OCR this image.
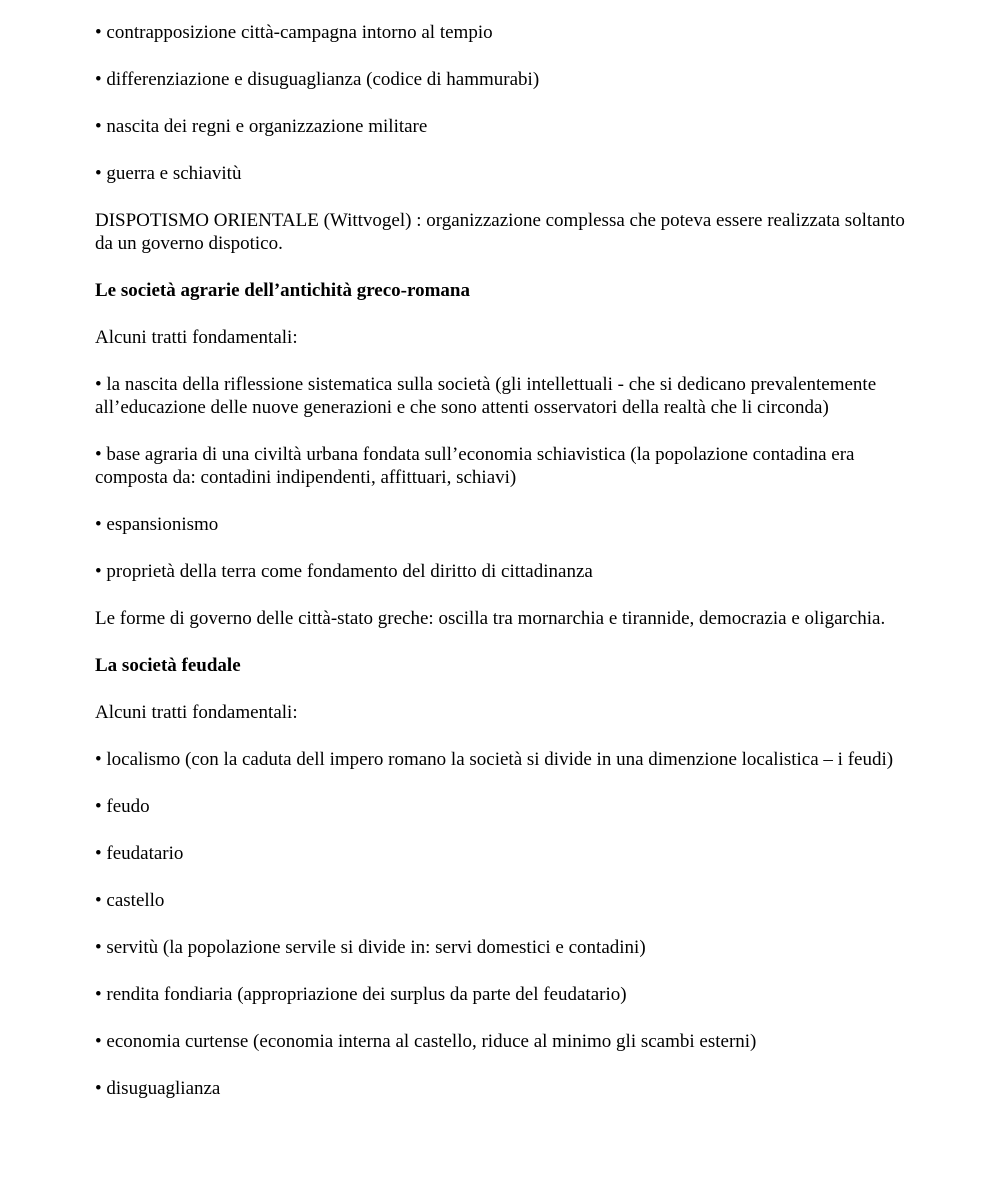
• contrapposizione città-campagna intorno al tempio

• differenziazione e disuguaglianza (codice di hammurabi)

• nascita dei regni e organizzazione militare

• guerra e schiavitù

DISPOTISMO ORIENTALE (Wittvogel) : organizzazione complessa che poteva essere realizzata soltanto da un governo dispotico.

Le società agrarie dell’antichità greco-romana

Alcuni tratti fondamentali:

• la nascita della riflessione sistematica sulla società (gli intellettuali - che si dedicano prevalentemente all’educazione delle nuove generazioni e che sono attenti osservatori della realtà che li circonda)

• base agraria di una civiltà urbana fondata sull’economia schiavistica (la popolazione contadina era composta da: contadini indipendenti, affittuari, schiavi)

• espansionismo

• proprietà della terra come fondamento del diritto di cittadinanza

Le forme di governo delle città-stato greche: oscilla tra mornarchia e tirannide, democrazia e oligarchia.

La società feudale

Alcuni tratti fondamentali:

• localismo (con la caduta dell impero romano la società si divide in una dimenzione localistica – i feudi)

• feudo

• feudatario

• castello

• servitù (la popolazione servile si divide in: servi domestici e contadini)

• rendita fondiaria (appropriazione dei surplus da parte del feudatario)

• economia curtense (economia interna al castello, riduce al minimo gli scambi esterni)

• disuguaglianza
